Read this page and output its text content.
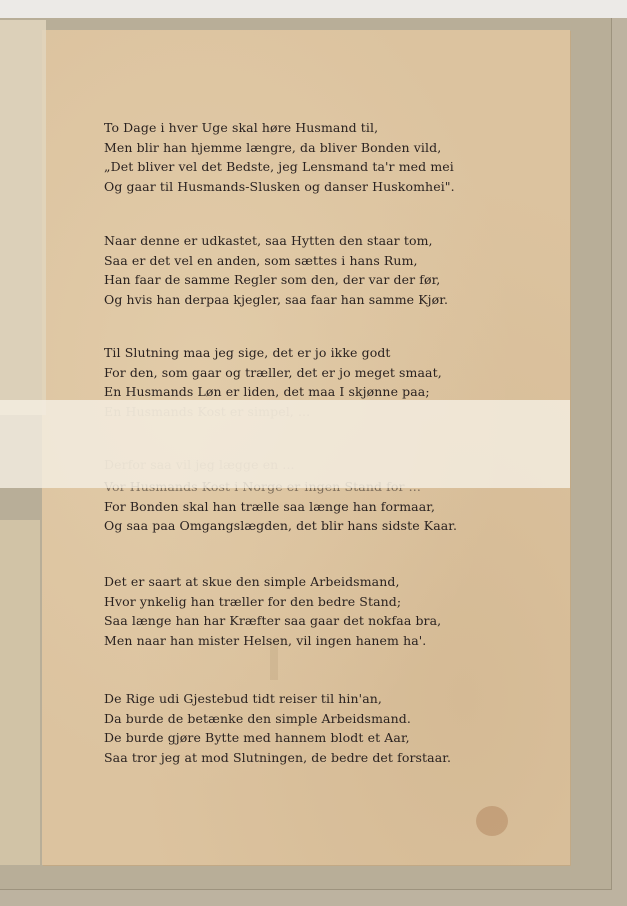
To Dage i hver Uge skal høre Husmand til,
Men blir han hjemme længre, da bliver Bonden vild,
„Det bliver vel det Bedste, jeg Lensmand ta'r med mei
Og gaar til Husmands-Slusken og danser Huskomhei".
Naar denne er udkastet, saa Hytten den staar tom,
Saa er det vel en anden, som sættes i hans Rum,
Han faar de samme Regler som den, der var der før,
Og hvis han derpaa kjegler, saa faar han samme Kjør.
Til Slutning maa jeg sige, det er jo ikke godt
For den, som gaar og træller, det er jo meget smaat,
En Husmands Løn er liden, det maa I skjønne paa;
For Bonden skal han trælle saa længe han formaar,
Og saa paa Omgangslægden, det blir hans sidste Kaar.
Det er saart at skue den simple Arbeidsmand,
Hvor ynkelig han træller for den bedre Stand;
Saa længe han har Kræfter saa gaar det nokfaa bra,
Men naar han mister Helsen, vil ingen hanem ha'.
De Rige udi Gjestebud tidt reiser til hin'an,
Da burde de betænke den simple Arbeidsmand.
De burde gjøre Bytte med hannem blodt et Aar,
Saa tror jeg at mod Slutningen, de bedre det forstaar.
